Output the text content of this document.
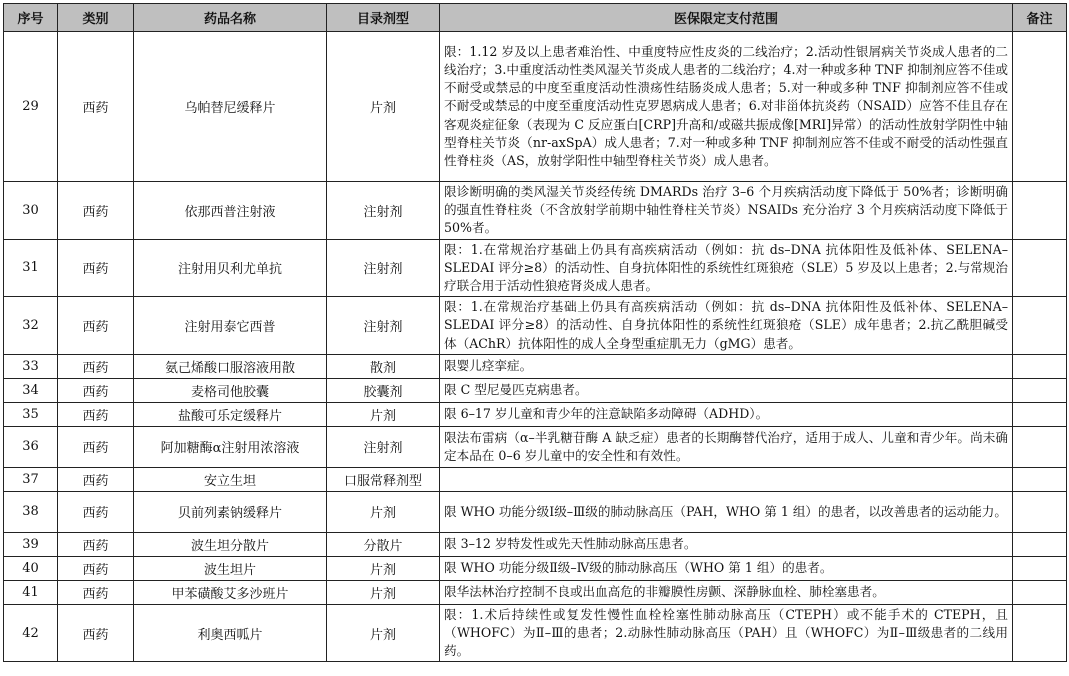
序号	类别	药品名称	目录剂型	医保限定支付范围	备注
29	西药	乌帕替尼缓释片	片剂	限：1.12 岁及以上患者难治性、中重度特应性皮炎的二线治疗；2.活动性银屑病关节炎成人患者的二线治疗；3.中重度活动性类风湿关节炎成人患者的二线治疗；4.对一种或多种 TNF 抑制剂应答不佳或不耐受或禁忌的中度至重度活动性溃疡性结肠炎成人患者；5.对一种或多种 TNF 抑制剂应答不佳或不耐受或禁忌的中度至重度活动性克罗恩病成人患者；6.对非甾体抗炎药（NSAID）应答不佳且存在客观炎症征象（表现为 C 反应蛋白[CRP]升高和/或磁共振成像[MRI]异常）的活动性放射学阴性中轴型脊柱关节炎（nr-axSpA）成人患者；7.对一种或多种 TNF 抑制剂应答不佳或不耐受的活动性强直性脊柱炎（AS，放射学阳性中轴型脊柱关节炎）成人患者。	
30	西药	依那西普注射液	注射剂	限诊断明确的类风湿关节炎经传统 DMARDs 治疗 3–6 个月疾病活动度下降低于 50%者；诊断明确的强直性脊柱炎（不含放射学前期中轴性脊柱关节炎）NSAIDs 充分治疗 3 个月疾病活动度下降低于 50%者。	
31	西药	注射用贝利尤单抗	注射剂	限：1.在常规治疗基础上仍具有高疾病活动（例如：抗 ds–DNA 抗体阳性及低补体、SELENA–SLEDAI 评分≥8）的活动性、自身抗体阳性的系统性红斑狼疮（SLE）5 岁及以上患者；2.与常规治疗联合用于活动性狼疮肾炎成人患者。	
32	西药	注射用泰它西普	注射剂	限：1.在常规治疗基础上仍具有高疾病活动（例如：抗 ds–DNA 抗体阳性及低补体、SELENA–SLEDAI 评分≥8）的活动性、自身抗体阳性的系统性红斑狼疮（SLE）成年患者；2.抗乙酰胆碱受体（AChR）抗体阳性的成人全身型重症肌无力（gMG）患者。	
33	西药	氨己烯酸口服溶液用散	散剂	限婴儿痉挛症。	
34	西药	麦格司他胶囊	胶囊剂	限 C 型尼曼匹克病患者。	
35	西药	盐酸可乐定缓释片	片剂	限 6–17 岁儿童和青少年的注意缺陷多动障碍（ADHD）。	
36	西药	阿加糖酶α注射用浓溶液	注射剂	限法布雷病（α–半乳糖苷酶 A 缺乏症）患者的长期酶替代治疗，适用于成人、儿童和青少年。尚未确定本品在 0–6 岁儿童中的安全性和有效性。	
37	西药	安立生坦	口服常释剂型		
38	西药	贝前列素钠缓释片	片剂	限 WHO 功能分级Ⅰ级–Ⅲ级的肺动脉高压（PAH，WHO 第 1 组）的患者，以改善患者的运动能力。	
39	西药	波生坦分散片	分散片	限 3–12 岁特发性或先天性肺动脉高压患者。	
40	西药	波生坦片	片剂	限 WHO 功能分级Ⅱ级–Ⅳ级的肺动脉高压（WHO 第 1 组）的患者。	
41	西药	甲苯磺酸艾多沙班片	片剂	限华法林治疗控制不良或出血高危的非瓣膜性房颤、深静脉血栓、肺栓塞患者。	
42	西药	利奥西呱片	片剂	限：1.术后持续性或复发性慢性血栓栓塞性肺动脉高压（CTEPH）或不能手术的 CTEPH，且（WHOFC）为Ⅱ–Ⅲ的患者；2.动脉性肺动脉高压（PAH）且（WHOFC）为Ⅱ–Ⅲ级患者的二线用药。	
